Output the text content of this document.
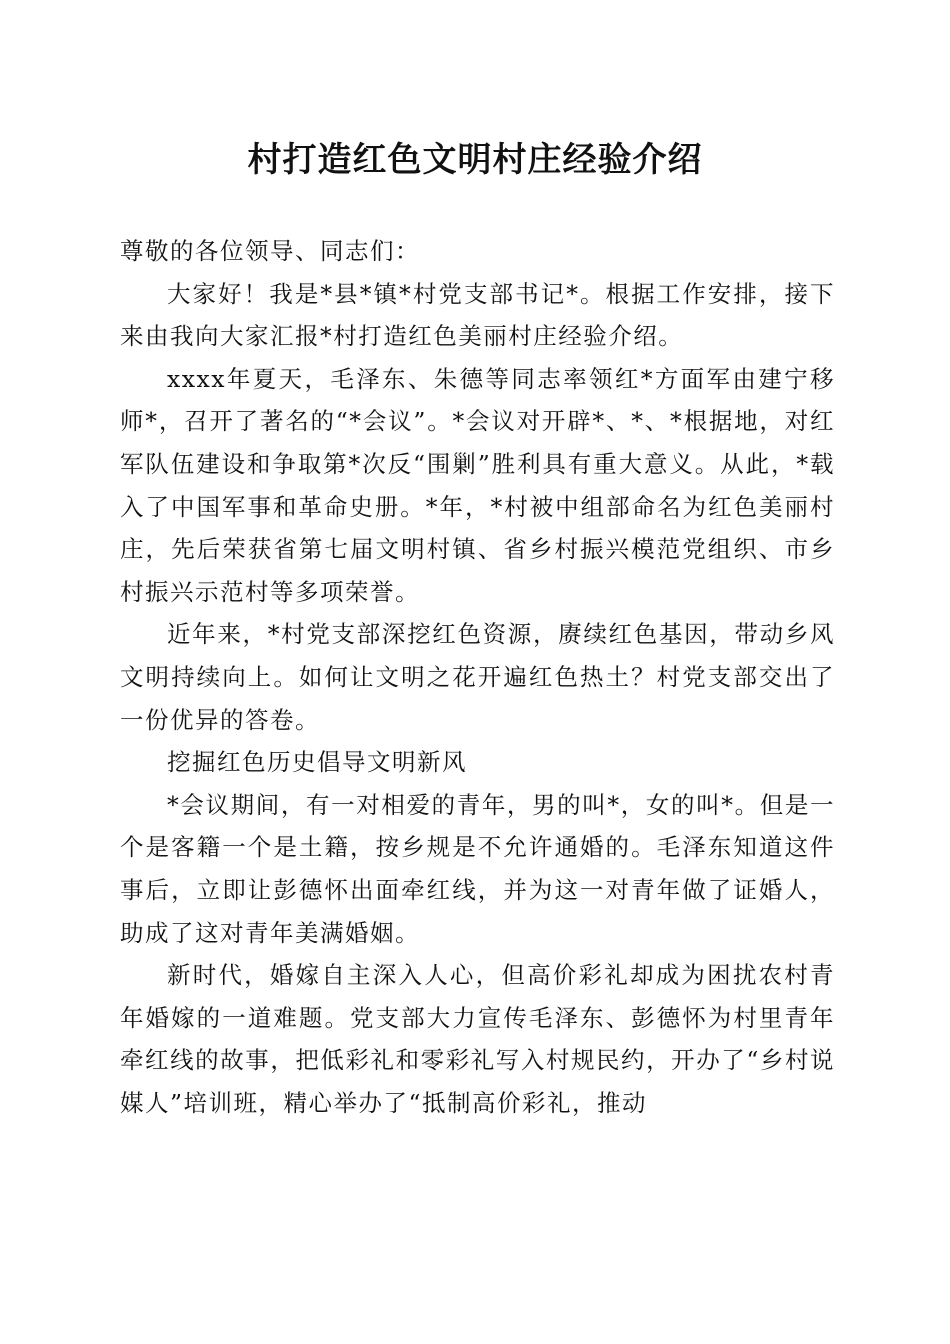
村打造红色文明村庄经验介绍

尊敬的各位领导、同志们：

大家好！我是*县*镇*村党支部书记*。根据工作安排，接下来由我向大家汇报*村打造红色美丽村庄经验介绍。

xxxx年夏天，毛泽东、朱德等同志率领红*方面军由建宁移师*，召开了著名的“*会议”。*会议对开辟*、*、*根据地，对红军队伍建设和争取第*次反“围剿”胜利具有重大意义。从此，*载入了中国军事和革命史册。*年，*村被中组部命名为红色美丽村庄，先后荣获省第七届文明村镇、省乡村振兴模范党组织、市乡村振兴示范村等多项荣誉。

近年来，*村党支部深挖红色资源，赓续红色基因，带动乡风文明持续向上。如何让文明之花开遍红色热土？村党支部交出了一份优异的答卷。

挖掘红色历史倡导文明新风

*会议期间，有一对相爱的青年，男的叫*，女的叫*。但是一个是客籍一个是土籍，按乡规是不允许通婚的。毛泽东知道这件事后，立即让彭德怀出面牵红线，并为这一对青年做了证婚人，助成了这对青年美满婚姻。

新时代，婚嫁自主深入人心，但高价彩礼却成为困扰农村青年婚嫁的一道难题。党支部大力宣传毛泽东、彭德怀为村里青年牵红线的故事，把低彩礼和零彩礼写入村规民约，开办了“乡村说媒人”培训班，精心举办了“抵制高价彩礼，推动
